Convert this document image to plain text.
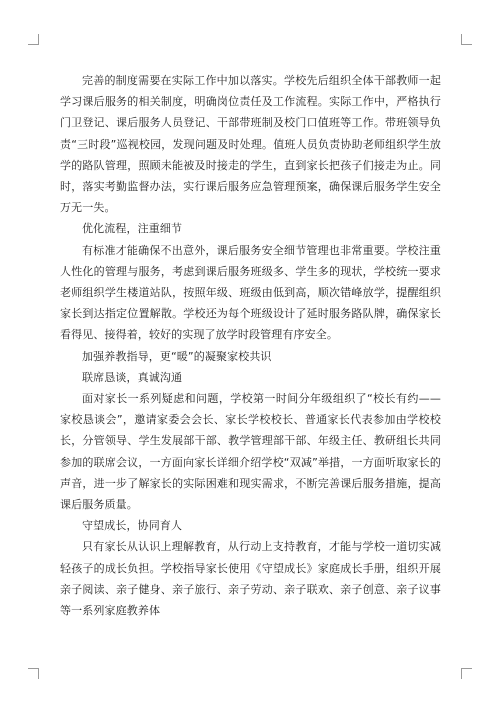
完善的制度需要在实际工作中加以落实。学校先后组织全体干部教师一起学习课后服务的相关制度，明确岗位责任及工作流程。实际工作中，严格执行门卫登记、课后服务人员登记、干部带班制及校门口值班等工作。带班领导负责“三时段”巡视校园，发现问题及时处理。值班人员负责协助老师组织学生放学的路队管理，照顾未能被及时接走的学生，直到家长把孩子们接走为止。同时，落实考勤监督办法，实行课后服务应急管理预案，确保课后服务学生安全万无一失。

优化流程，注重细节

有标准才能确保不出意外，课后服务安全细节管理也非常重要。学校注重人性化的管理与服务，考虑到课后服务班级多、学生多的现状，学校统一要求老师组织学生楼道站队，按照年级、班级由低到高，顺次错峰放学，提醒组织家长到达指定位置解散。学校还为每个班级设计了延时服务路队牌，确保家长看得见、接得着，较好的实现了放学时段管理有序安全。

加强养教指导，更“暖”的凝聚家校共识

联席恳谈，真诚沟通

面对家长一系列疑虑和问题，学校第一时间分年级组织了“校长有约——家校恳谈会”，邀请家委会会长、家长学校校长、普通家长代表参加由学校校长，分管领导、学生发展部干部、教学管理部干部、年级主任、教研组长共同参加的联席会议，一方面向家长详细介绍学校“双减”举措，一方面听取家长的声音，进一步了解家长的实际困难和现实需求，不断完善课后服务措施，提高课后服务质量。

守望成长，协同育人

只有家长从认识上理解教育，从行动上支持教育，才能与学校一道切实减轻孩子的成长负担。学校指导家长使用《守望成长》家庭成长手册，组织开展亲子阅读、亲子健身、亲子旅行、亲子劳动、亲子联欢、亲子创意、亲子议事等一系列家庭教养体
